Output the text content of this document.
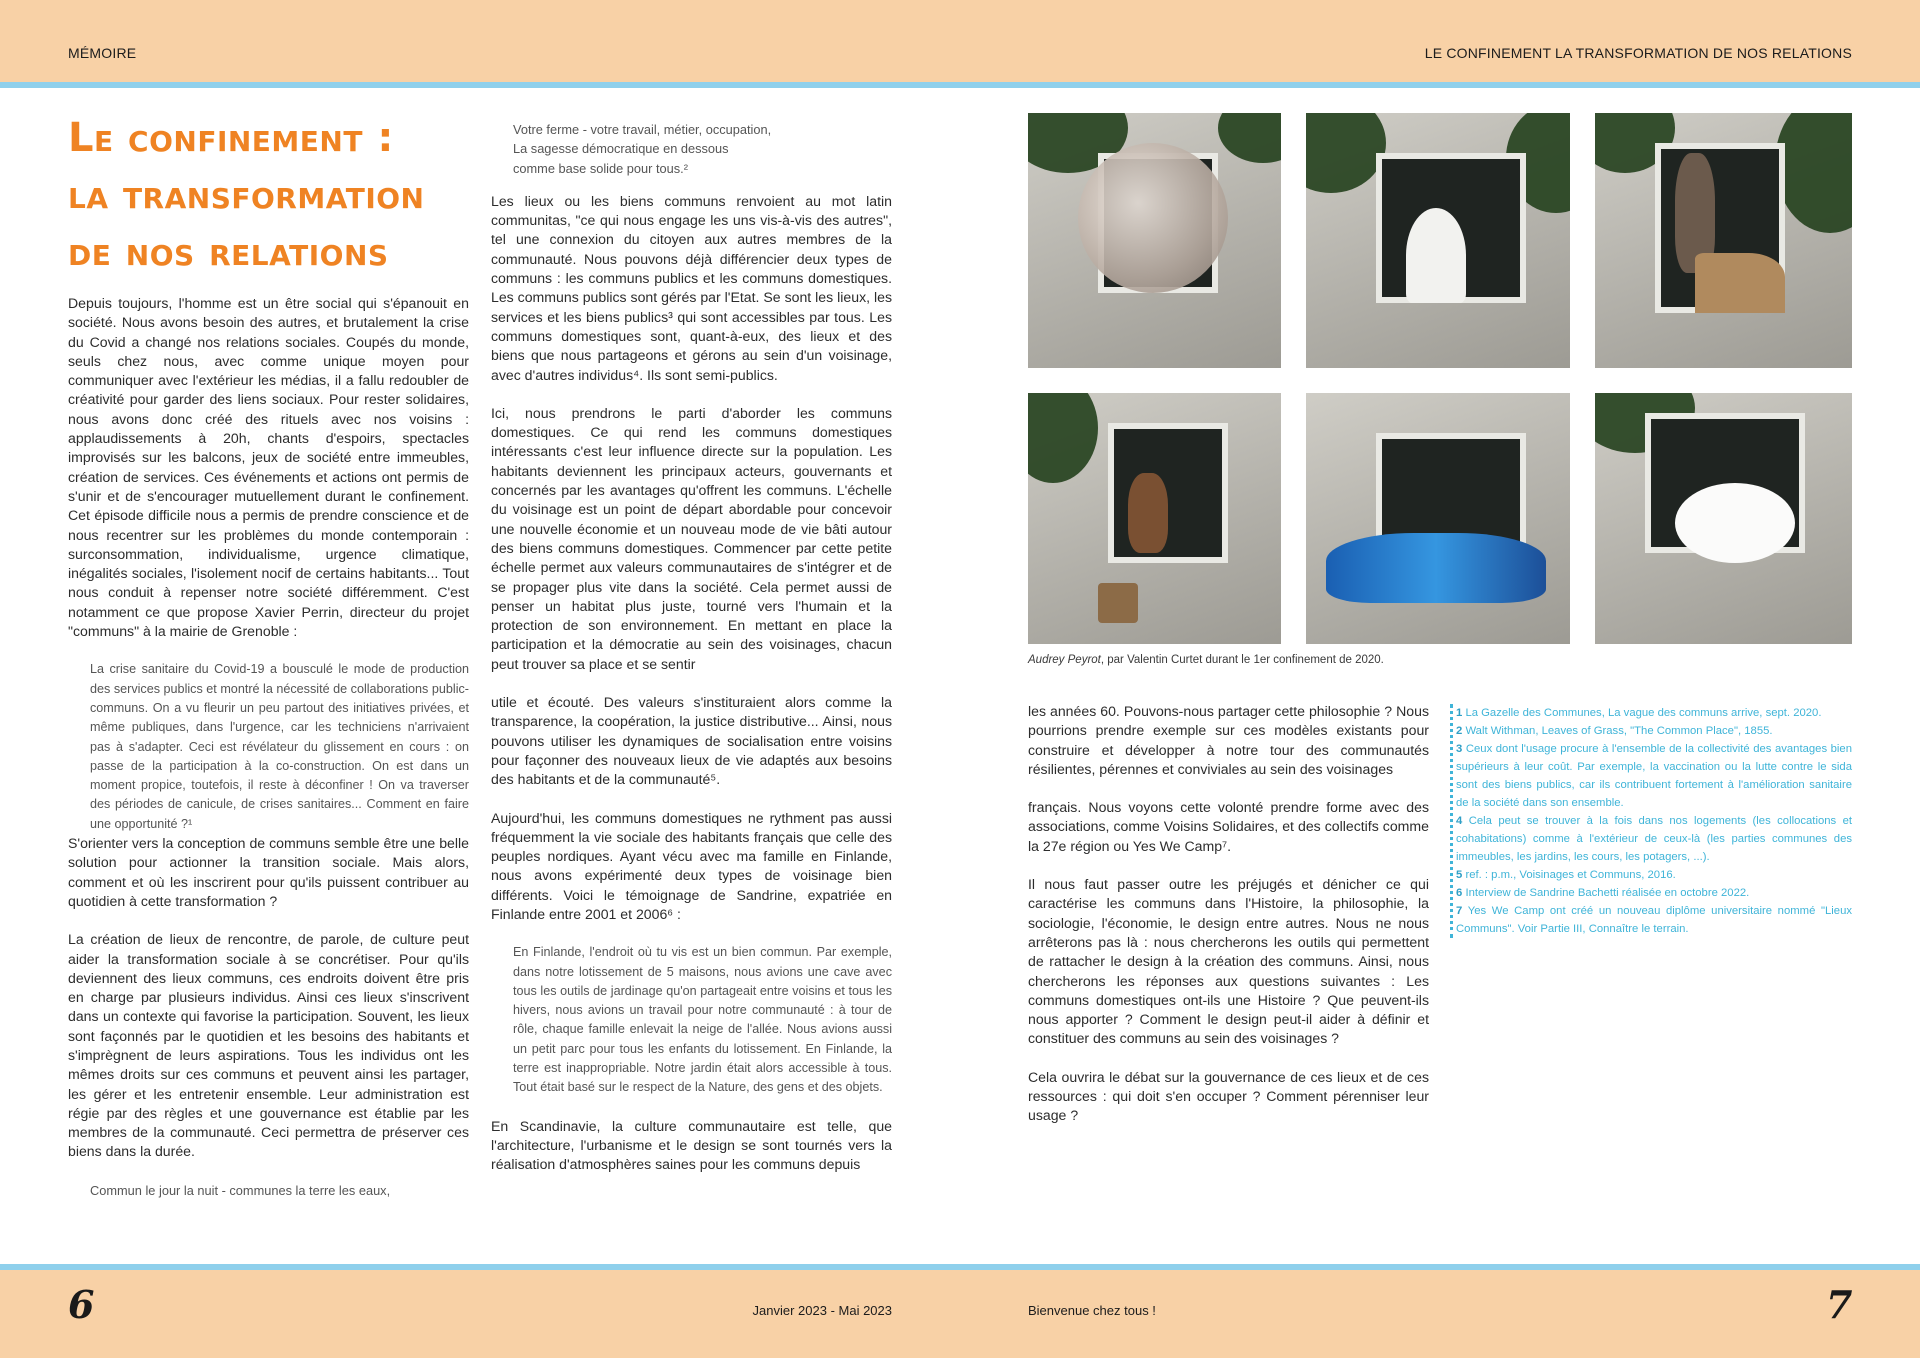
MÉMOIRE	LE CONFINEMENT LA TRANSFORMATION DE NOS RELATIONS
Le confinement :
la transformation
de nos relations

Depuis toujours, l'homme est un être social qui s'épanouit en société. Nous avons besoin des autres, et brutalement la crise du Covid a changé nos relations sociales. Coupés du monde, seuls chez nous, avec comme unique moyen pour communiquer avec l'extérieur les médias, il a fallu redoubler de créativité pour garder des liens sociaux. Pour rester solidaires, nous avons donc créé des rituels avec nos voisins : applaudissements à 20h, chants d'espoirs, spectacles improvisés sur les balcons, jeux de société entre immeubles, création de services. Ces événements et actions ont permis de s'unir et de s'encourager mutuellement durant le confinement. Cet épisode difficile nous a permis de prendre conscience et de nous recentrer sur les problèmes du monde contemporain : surconsommation, individualisme, urgence climatique, inégalités sociales, l'isolement nocif de certains habitants... Tout nous conduit à repenser notre société différemment. C'est notamment ce que propose Xavier Perrin, directeur du projet "communs" à la mairie de Grenoble :

La crise sanitaire du Covid-19 a bousculé le mode de production des services publics et montré la nécessité de collaborations public-communs. On a vu fleurir un peu partout des initiatives privées, et même publiques, dans l'urgence, car les techniciens n'arrivaient pas à s'adapter. Ceci est révélateur du glissement en cours : on passe de la participation à la co-construction. On est dans un moment propice, toutefois, il reste à déconfiner ! On va traverser des périodes de canicule, de crises sanitaires... Comment en faire une opportunité ?¹

S'orienter vers la conception de communs semble être une belle solution pour actionner la transition sociale. Mais alors, comment et où les inscrirent pour qu'ils puissent contribuer au quotidien à cette transformation ?

La création de lieux de rencontre, de parole, de culture peut aider la transformation sociale à se concrétiser. Pour qu'ils deviennent des lieux communs, ces endroits doivent être pris en charge par plusieurs individus. Ainsi ces lieux s'inscrivent dans un contexte qui favorise la participation. Souvent, les lieux sont façonnés par le quotidien et les besoins des habitants et s'imprègnent de leurs aspirations. Tous les individus ont les mêmes droits sur ces communs et peuvent ainsi les partager, les gérer et les entretenir ensemble. Leur administration est régie par des règles et une gouvernance est établie par les membres de la communauté. Ceci permettra de préserver ces biens dans la durée.

Commun le jour la nuit - communes la terre les eaux,

Votre ferme - votre travail, métier, occupation,
La sagesse démocratique en dessous
comme base solide pour tous.²

Les lieux ou les biens communs renvoient au mot latin communitas, "ce qui nous engage les uns vis-à-vis des autres", tel une connexion du citoyen aux autres membres de la communauté. Nous pouvons déjà différencier deux types de communs : les communs publics et les communs domestiques. Les communs publics sont gérés par l'Etat. Se sont les lieux, les services et les biens publics³ qui sont accessibles par tous. Les communs domestiques sont, quant-à-eux, des lieux et des biens que nous partageons et gérons au sein d'un voisinage, avec d'autres individus⁴. Ils sont semi-publics.

Ici, nous prendrons le parti d'aborder les communs domestiques. Ce qui rend les communs domestiques intéressants c'est leur influence directe sur la population. Les habitants deviennent les principaux acteurs, gouvernants et concernés par les avantages qu'offrent les communs. L'échelle du voisinage est un point de départ abordable pour concevoir une nouvelle économie et un nouveau mode de vie bâti autour des biens communs domestiques. Commencer par cette petite échelle permet aux valeurs communautaires de s'intégrer et de se propager plus vite dans la société. Cela permet aussi de penser un habitat plus juste, tourné vers l'humain et la protection de son environnement. En mettant en place la participation et la démocratie au sein des voisinages, chacun peut trouver sa place et se sentir

utile et écouté. Des valeurs s'instituraient alors comme la transparence, la coopération, la justice distributive... Ainsi, nous pouvons utiliser les dynamiques de socialisation entre voisins pour façonner des nouveaux lieux de vie adaptés aux besoins des habitants et de la communauté⁵.

Aujourd'hui, les communs domestiques ne rythment pas aussi fréquemment la vie sociale des habitants français que celle des peuples nordiques. Ayant vécu avec ma famille en Finlande, nous avons expérimenté deux types de voisinage bien différents. Voici le témoignage de Sandrine, expatriée en Finlande entre 2001 et 2006⁶ :

En Finlande, l'endroit où tu vis est un bien commun. Par exemple, dans notre lotissement de 5 maisons, nous avions une cave avec tous les outils de jardinage qu'on partageait entre voisins et tous les hivers, nous avions un travail pour notre communauté : à tour de rôle, chaque famille enlevait la neige de l'allée. Nous avions aussi un petit parc pour tous les enfants du lotissement. En Finlande, la terre est inappropriable. Notre jardin était alors accessible à tous. Tout était basé sur le respect de la Nature, des gens et des objets.

En Scandinavie, la culture communautaire est telle, que l'architecture, l'urbanisme et le design se sont tournés vers la réalisation d'atmosphères saines pour les communs depuis

Audrey Peyrot, par Valentin Curtet durant le 1er confinement de 2020.

les années 60. Pouvons-nous partager cette philosophie ? Nous pourrions prendre exemple sur ces modèles existants pour construire et développer à notre tour des communautés résilientes, pérennes et conviviales au sein des voisinages

français. Nous voyons cette volonté prendre forme avec des associations, comme Voisins Solidaires, et des collectifs comme la 27e région ou Yes We Camp⁷.

Il nous faut passer outre les préjugés et dénicher ce qui caractérise les communs dans l'Histoire, la philosophie, la sociologie, l'économie, le design entre autres. Nous ne nous arrêterons pas là : nous chercherons les outils qui permettent de rattacher le design à la création des communs. Ainsi, nous chercherons les réponses aux questions suivantes : Les communs domestiques ont-ils une Histoire ? Que peuvent-ils nous apporter ? Comment le design peut-il aider à définir et constituer des communs au sein des voisinages ?

Cela ouvrira le débat sur la gouvernance de ces lieux et de ces ressources : qui doit s'en occuper ? Comment pérenniser leur usage ?

1 La Gazelle des Communes, La vague des communs arrive, sept. 2020.
2 Walt Withman, Leaves of Grass, "The Common Place", 1855.
3 Ceux dont l'usage procure à l'ensemble de la collectivité des avantages bien supérieurs à leur coût. Par exemple, la vaccination ou la lutte contre le sida sont des biens publics, car ils contribuent fortement à l'amélioration sanitaire de la société dans son ensemble.
4 Cela peut se trouver à la fois dans nos logements (les collocations et cohabitations) comme à l'extérieur de ceux-là (les parties communes des immeubles, les jardins, les cours, les potagers, ...).
5 ref. : p.m., Voisinages et Communs, 2016.
6 Interview de Sandrine Bachetti réalisée en octobre 2022.
7 Yes We Camp ont créé un nouveau diplôme universitaire nommé "Lieux Communs". Voir Partie III, Connaître le terrain.
6	Janvier 2023 - Mai 2023	Bienvenue chez tous !	7
